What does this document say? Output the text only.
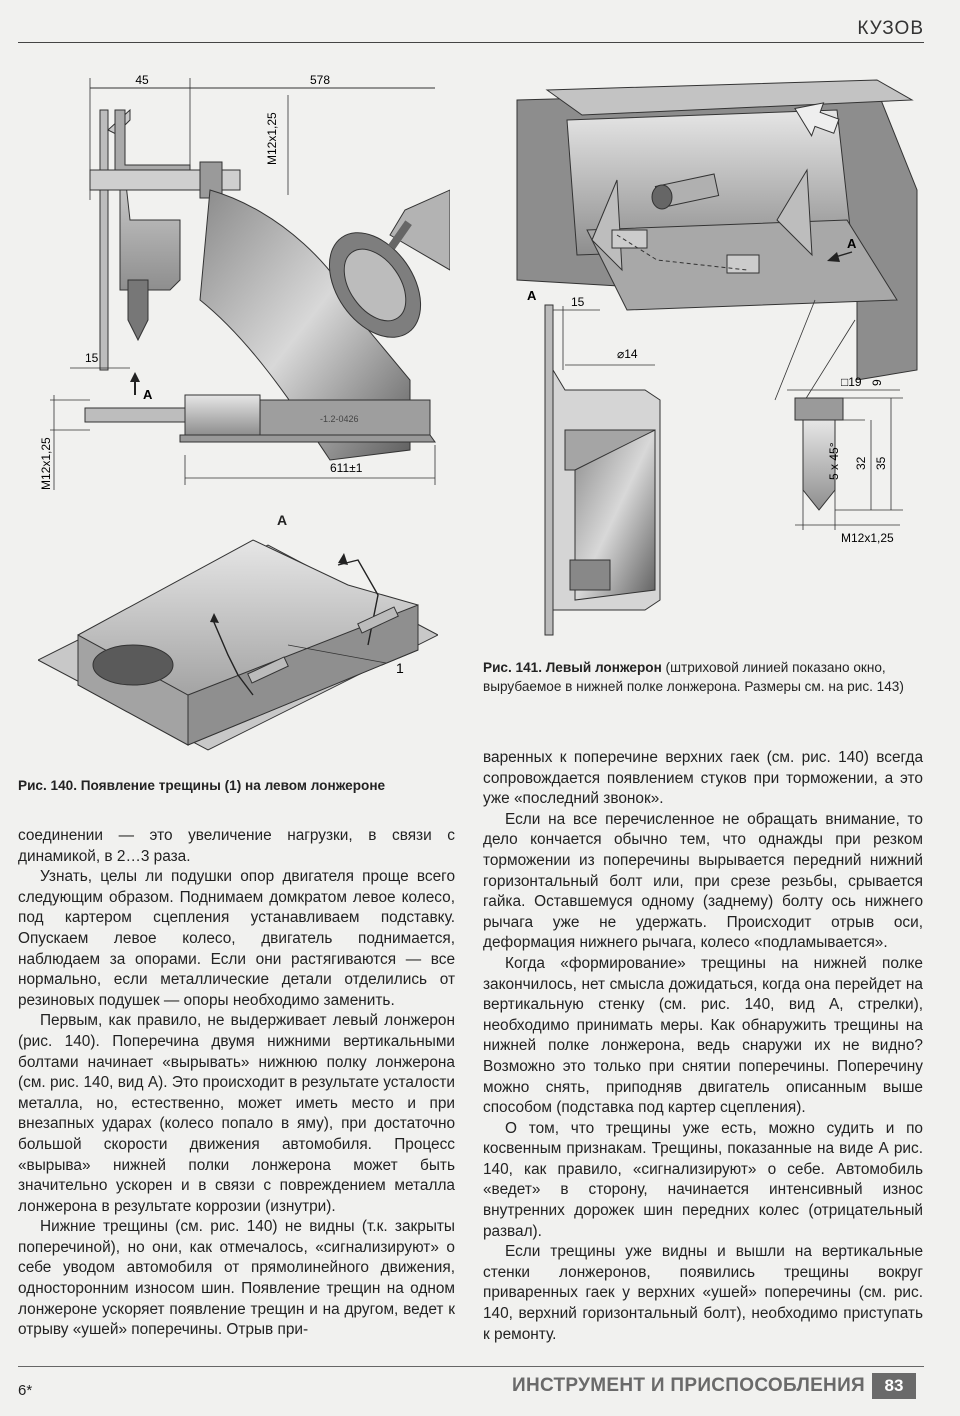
КУЗОВ
45	578
M12x1,25
15
А
-1.2-0426
M12x1,25	611±1
А
1
Рис. 140. Появление трещины (1) на левом лонжероне
А
А	15
⌀14
□19 9
5 x 45° 32 35
M12x1,25
Рис. 141. Левый лонжерон (штриховой линией показано окно, вырубаемое в нижней полке лонжерона. Размеры см. на рис. 143)

соединении — это увеличение нагрузки, в связи с динамикой, в 2…3 раза.

Узнать, целы ли подушки опор двигателя проще всего следующим образом. Поднимаем домкратом левое колесо, под картером сцепления устанавливаем подставку. Опускаем левое колесо, двигатель поднимается, наблюдаем за опорами. Если они растягиваются — все нормально, если металлические детали отделились от резиновых подушек — опоры необходимо заменить.

Первым, как правило, не выдерживает левый лонжерон (рис. 140). Поперечина двумя нижними вертикальными болтами начинает «вырывать» нижнюю полку лонжерона (см. рис. 140, вид А). Это происходит в результате усталости металла, но, естественно, может иметь место и при внезапных ударах (колесо попало в яму), при достаточно большой скорости движения автомобиля. Процесс «вырыва» нижней полки лонжерона может быть значительно ускорен и в связи с повреждением металла лонжерона в результате коррозии (изнутри).

Нижние трещины (см. рис. 140) не видны (т.к. закрыты поперечиной), но они, как отмечалось, «сигнализируют» о себе уводом автомобиля от прямолинейного движения, односторонним износом шин. Появление трещин на одном лонжероне ускоряет появление трещин и на другом, ведет к отрыву «ушей» поперечины. Отрыв при-

варенных к поперечине верхних гаек (см. рис. 140) всегда сопровождается появлением стуков при торможении, а это уже «последний звонок».

Если на все перечисленное не обращать внимание, то дело кончается обычно тем, что однажды при резком торможении из поперечины вырывается передний нижний горизонтальный болт или, при срезе резьбы, срывается гайка. Оставшемуся одному (заднему) болту ось нижнего рычага уже не удержать. Происходит отрыв оси, деформация нижнего рычага, колесо «подламывается».

Когда «формирование» трещины на нижней полке закончилось, нет смысла дожидаться, когда она перейдет на вертикальную стенку (см. рис. 140, вид А, стрелки), необходимо принимать меры. Как обнаружить трещины на нижней полке лонжерона, ведь снаружи их не видно? Возможно это только при снятии поперечины. Поперечину можно снять, приподняв двигатель описанным выше способом (подставка под картер сцепления).

О том, что трещины уже есть, можно судить и по косвенным признакам. Трещины, показанные на виде А рис. 140, как правило, «сигнализируют» о себе. Автомобиль «ведет» в сторону, начинается интенсивный износ внутренних дорожек шин передних колес (отрицательный развал).

Если трещины уже видны и вышли на вертикальные стенки лонжеронов, появились трещины вокруг приваренных гаек у верхних «ушей» поперечины (см. рис. 140, верхний горизонтальный болт), необходимо приступать к ремонту.

6*	ИНСТРУМЕНТ И ПРИСПОСОБЛЕНИЯ	83
